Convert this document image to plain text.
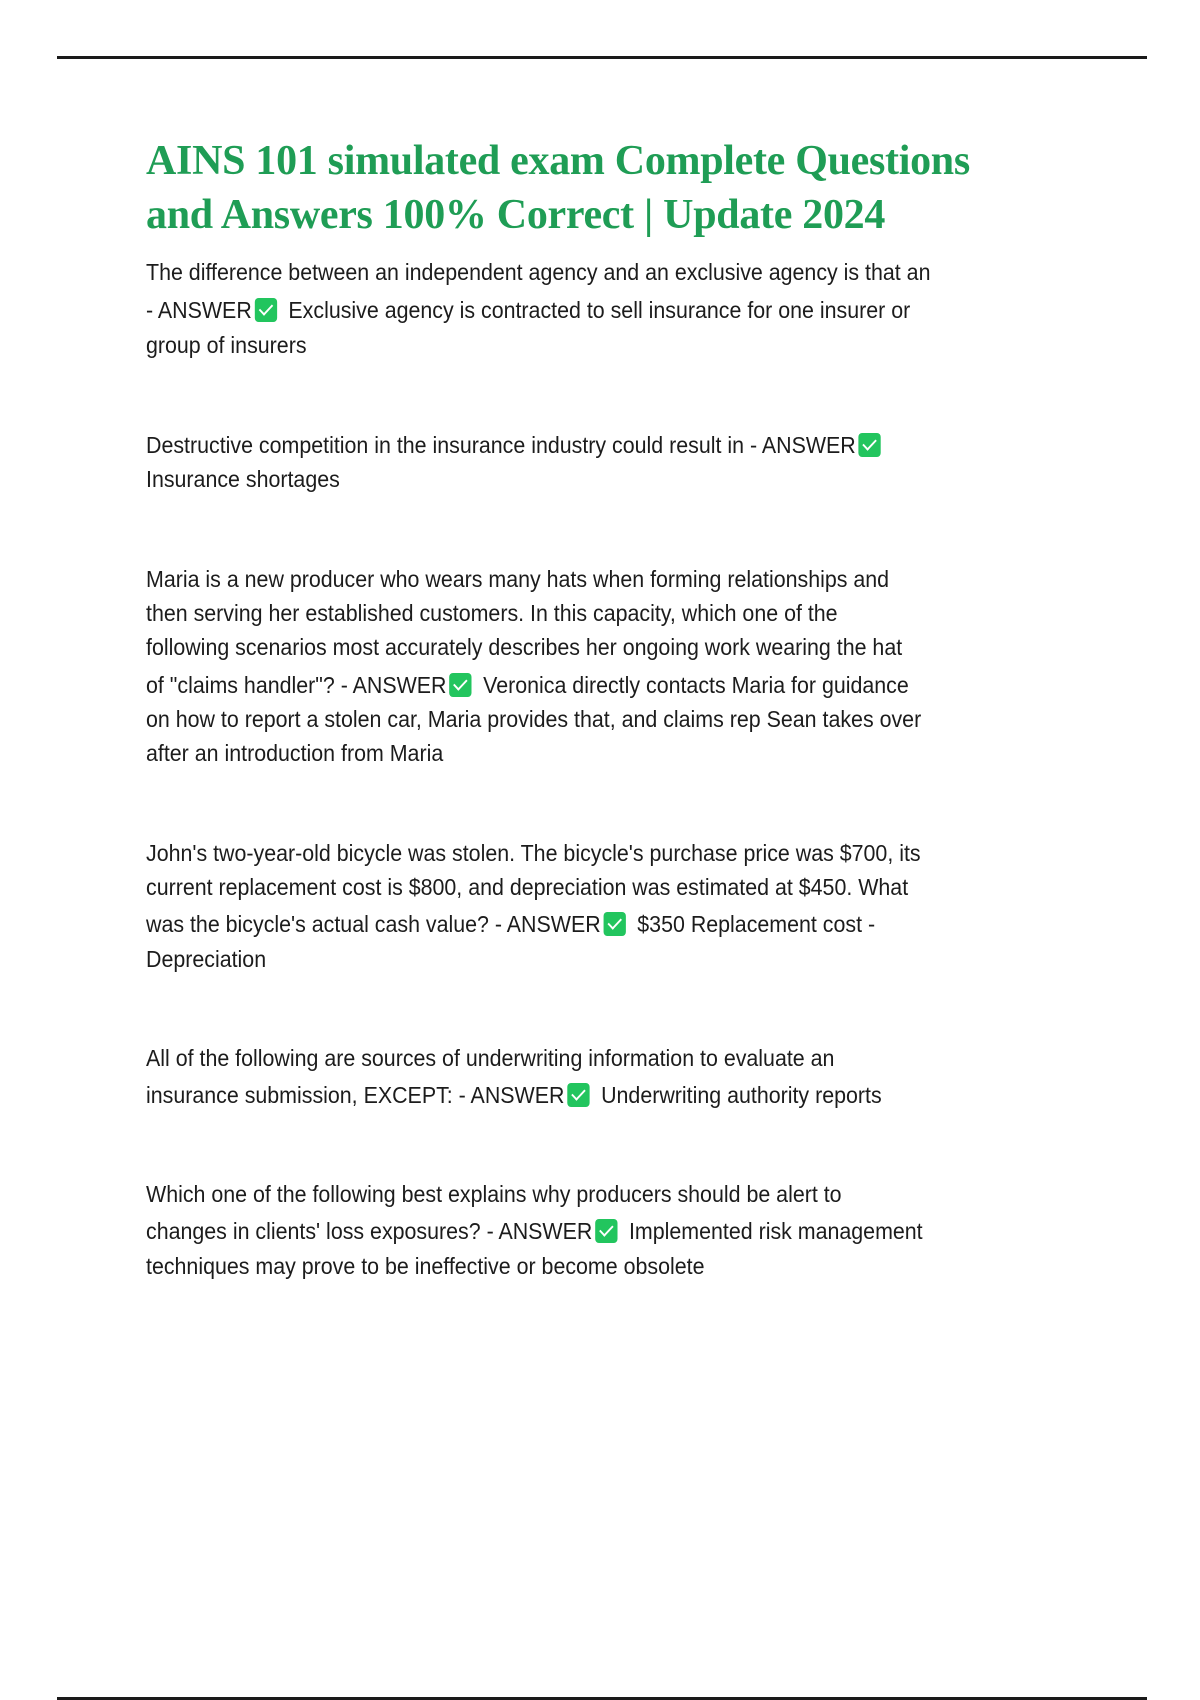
AINS 101 simulated exam Complete Questions
and Answers 100% Correct | Update 2024
The difference between an independent agency and an exclusive agency is that an
- ANSWER Exclusive agency is contracted to sell insurance for one insurer or
group of insurers
Destructive competition in the insurance industry could result in - ANSWER
Insurance shortages
Maria is a new producer who wears many hats when forming relationships and
then serving her established customers. In this capacity, which one of the
following scenarios most accurately describes her ongoing work wearing the hat
of "claims handler"? - ANSWER Veronica directly contacts Maria for guidance
on how to report a stolen car, Maria provides that, and claims rep Sean takes over
after an introduction from Maria
John's two-year-old bicycle was stolen. The bicycle's purchase price was $700, its
current replacement cost is $800, and depreciation was estimated at $450. What
was the bicycle's actual cash value? - ANSWER $350 Replacement cost -
Depreciation
All of the following are sources of underwriting information to evaluate an
insurance submission, EXCEPT: - ANSWER Underwriting authority reports
Which one of the following best explains why producers should be alert to
changes in clients' loss exposures? - ANSWER Implemented risk management
techniques may prove to be ineffective or become obsolete
